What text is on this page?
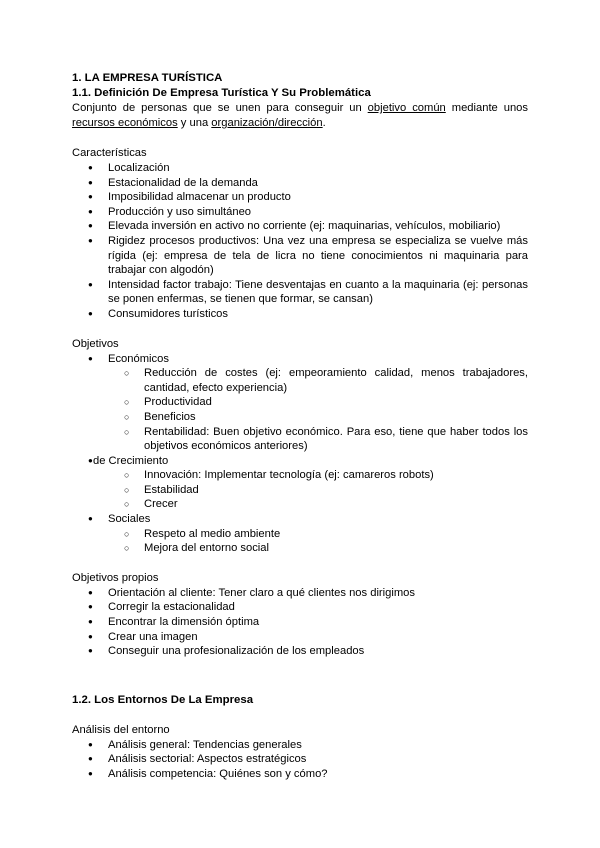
1. LA EMPRESA TURÍSTICA
1.1. Definición De Empresa Turística Y Su Problemática

Conjunto de personas que se unen para conseguir un objetivo común mediante unos recursos económicos y una organización/dirección.

Características
● Localización
● Estacionalidad de la demanda
● Imposibilidad almacenar un producto
● Producción y uso simultáneo
● Elevada inversión en activo no corriente (ej: maquinarias, vehículos, mobiliario)
● Rigidez procesos productivos: Una vez una empresa se especializa se vuelve más rígida (ej: empresa de tela de licra no tiene conocimientos ni maquinaria para trabajar con algodón)
● Intensidad factor trabajo: Tiene desventajas en cuanto a la maquinaria (ej: personas se ponen enfermas, se tienen que formar, se cansan)
● Consumidores turísticos
Objetivos
● Económicos
○ Reducción de costes (ej: empeoramiento calidad, menos trabajadores, cantidad, efecto experiencia)
○ Productividad
○ Beneficios
○ Rentabilidad: Buen objetivo económico. Para eso, tiene que haber todos los objetivos económicos anteriores)
● de Crecimiento
○ Innovación: Implementar tecnología (ej: camareros robots)
○ Estabilidad
○ Crecer
● Sociales
○ Respeto al medio ambiente
○ Mejora del entorno social
Objetivos propios
● Orientación al cliente: Tener claro a qué clientes nos dirigimos
● Corregir la estacionalidad
● Encontrar la dimensión óptima
● Crear una imagen
● Conseguir una profesionalización de los empleados
1.2. Los Entornos De La Empresa
Análisis del entorno
● Análisis general: Tendencias generales
● Análisis sectorial: Aspectos estratégicos
● Análisis competencia: Quiénes son y cómo?
